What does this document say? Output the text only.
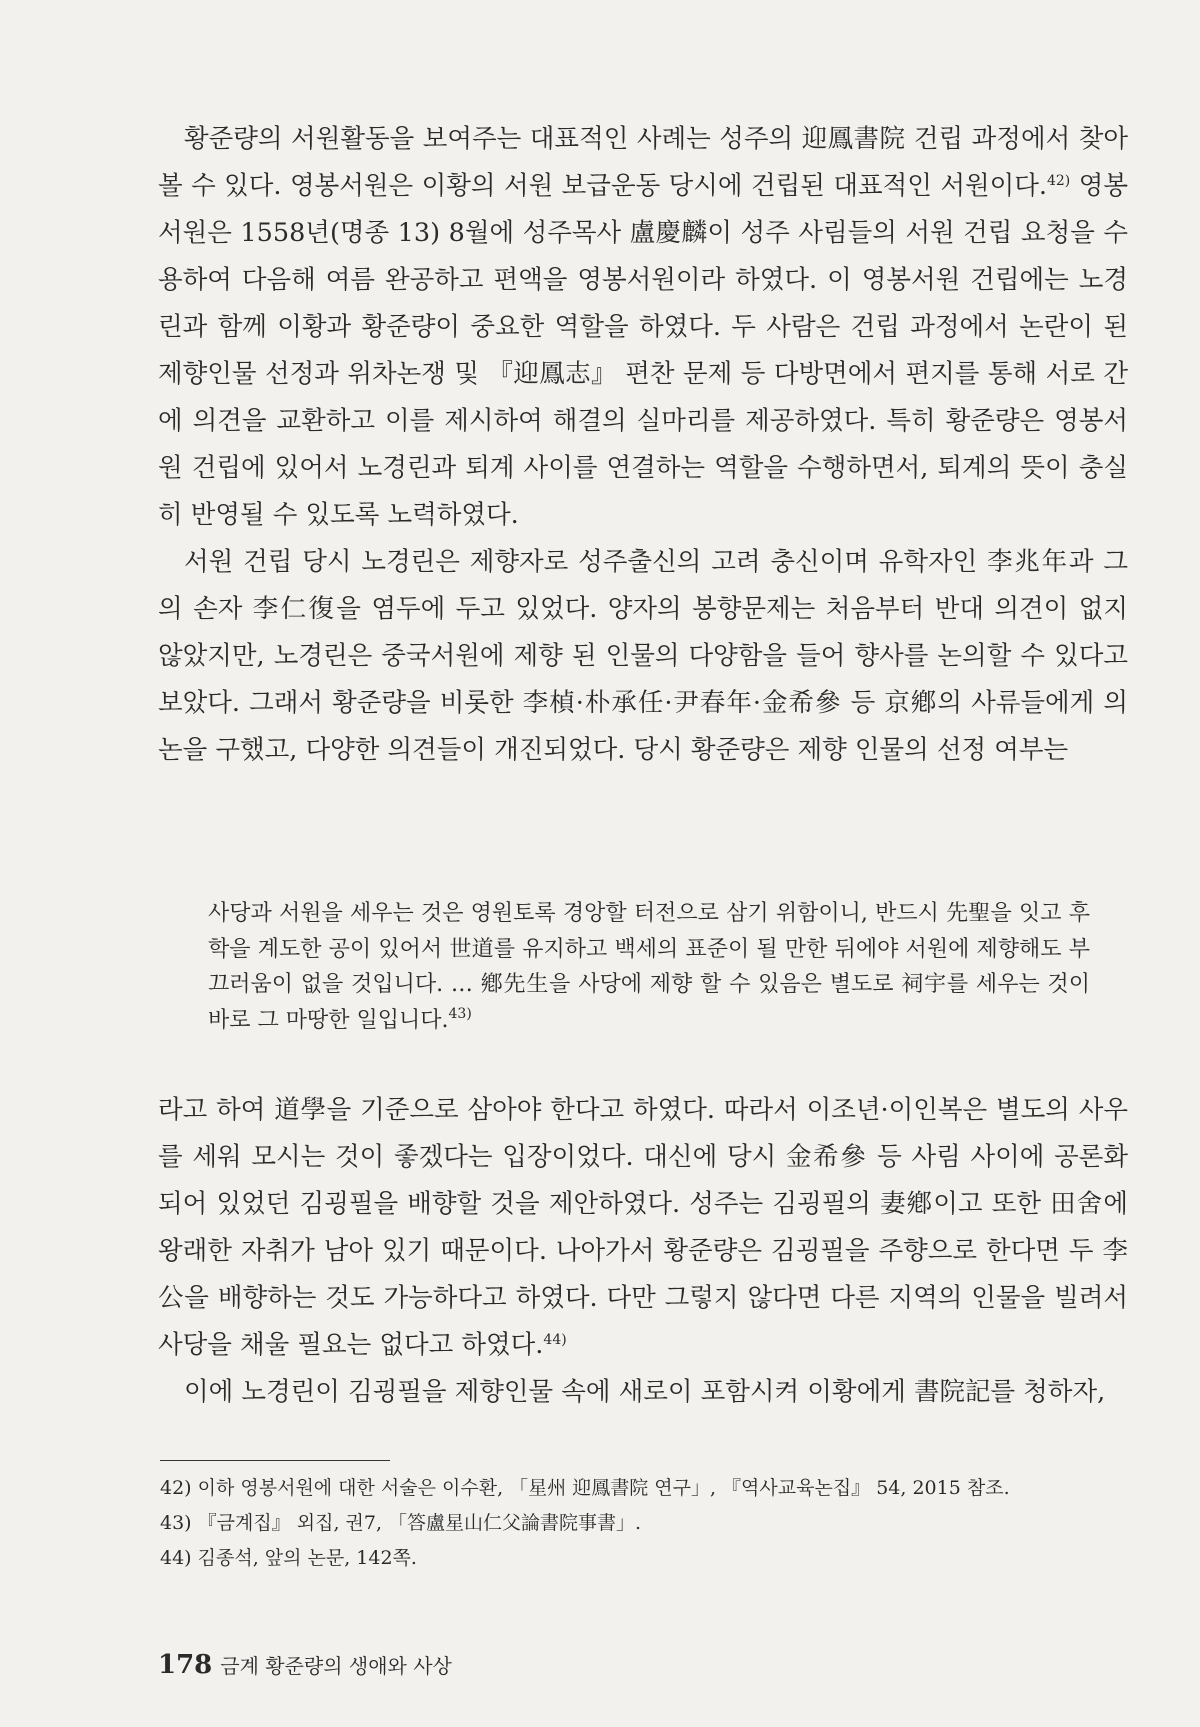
황준량의 서원활동을 보여주는 대표적인 사례는 성주의 迎鳳書院 건립 과정에서 찾아 볼 수 있다. 영봉서원은 이황의 서원 보급운동 당시에 건립된 대표적인 서원이다.$^{42)}$ 영봉서원은 1558년(명종 13) 8월에 성주목사 盧慶麟이 성주 사림들의 서원 건립 요청을 수용하여 다음해 여름 완공하고 편액을 영봉서원이라 하였다. 이 영봉서원 건립에는 노경린과 함께 이황과 황준량이 중요한 역할을 하였다. 두 사람은 건립 과정에서 논란이 된 제향인물 선정과 위차논쟁 및 『迎鳳志』 편찬 문제 등 다방면에서 편지를 통해 서로 간에 의견을 교환하고 이를 제시하여 해결의 실마리를 제공하였다. 특히 황준량은 영봉서원 건립에 있어서 노경린과 퇴계 사이를 연결하는 역할을 수행하면서, 퇴계의 뜻이 충실히 반영될 수 있도록 노력하였다.

서원 건립 당시 노경린은 제향자로 성주출신의 고려 충신이며 유학자인 李兆年과 그의 손자 李仁復을 염두에 두고 있었다. 양자의 봉향문제는 처음부터 반대 의견이 없지 않았지만, 노경린은 중국서원에 제향 된 인물의 다양함을 들어 향사를 논의할 수 있다고 보았다. 그래서 황준량을 비롯한 李楨·朴承任·尹春年·金希參 등 京鄕의 사류들에게 의논을 구했고, 다양한 의견들이 개진되었다. 당시 황준량은 제향 인물의 선정 여부는

사당과 서원을 세우는 것은 영원토록 경앙할 터전으로 삼기 위함이니, 반드시 先聖을 잇고 후학을 계도한 공이 있어서 世道를 유지하고 백세의 표준이 될 만한 뒤에야 서원에 제향해도 부끄러움이 없을 것입니다. … 鄕先生을 사당에 제향 할 수 있음은 별도로 祠宇를 세우는 것이 바로 그 마땅한 일입니다.$^{43)}$

라고 하여 道學을 기준으로 삼아야 한다고 하였다. 따라서 이조년·이인복은 별도의 사우를 세워 모시는 것이 좋겠다는 입장이었다. 대신에 당시 金希參 등 사림 사이에 공론화 되어 있었던 김굉필을 배향할 것을 제안하였다. 성주는 김굉필의 妻鄕이고 또한 田舍에 왕래한 자취가 남아 있기 때문이다. 나아가서 황준량은 김굉필을 주향으로 한다면 두 李公을 배향하는 것도 가능하다고 하였다. 다만 그렇지 않다면 다른 지역의 인물을 빌려서 사당을 채울 필요는 없다고 하였다.$^{44)}$

이에 노경린이 김굉필을 제향인물 속에 새로이 포함시켜 이황에게 書院記를 청하자,

42) 이하 영봉서원에 대한 서술은 이수환, 「星州 迎鳳書院 연구」, 『역사교육논집』 54, 2015 참조.

43) 『금계집』 외집, 권7, 「答盧星山仁父論書院事書」.

44) 김종석, 앞의 논문, 142쪽.

178 금계 황준량의 생애와 사상
